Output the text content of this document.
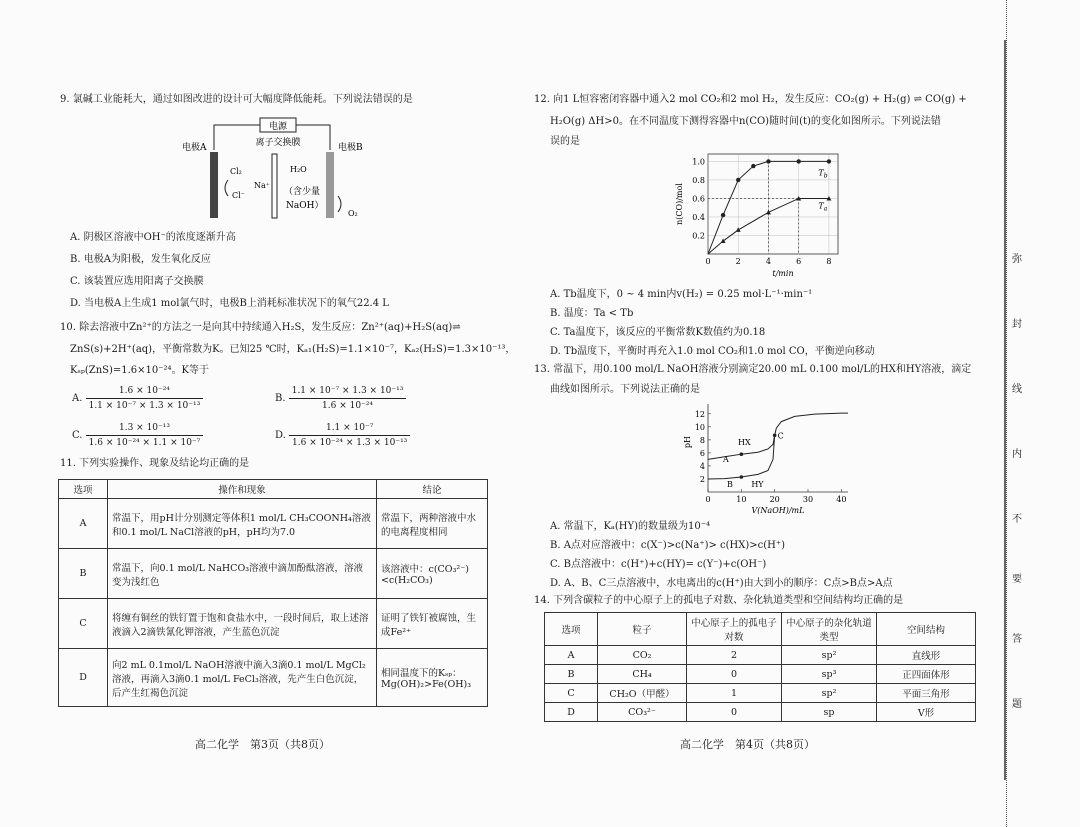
9. 氯碱工业能耗大，通过如图改进的设计可大幅度降低能耗。下列说法错误的是
电源
离子交换膜
电极A	电极B
Cl₂
Cl⁻
Na⁺
H₂O
（含少量
NaOH）
O₂
A. 阴极区溶液中OH⁻的浓度逐渐升高
B. 电极A为阳极，发生氧化反应
C. 该装置应选用阳离子交换膜
D. 当电极A上生成1 mol氯气时，电极B上消耗标准状况下的氧气22.4 L
10. 除去溶液中Zn²⁺的方法之一是向其中持续通入H₂S，发生反应：Zn²⁺(aq)+H₂S(aq)⇌
ZnS(s)+2H⁺(aq)，平衡常数为K。已知25 ℃时，Kₐ₁(H₂S)=1.1×10⁻⁷，Kₐ₂(H₂S)=1.3×10⁻¹³，
Kₛₚ(ZnS)=1.6×10⁻²⁴。K等于
A. $\frac{\text{1.6 × 10⁻²⁴}}{\text{1.1 × 10⁻⁷ × 1.3 × 10⁻¹³}}$	B. $\frac{\text{1.1 × 10⁻⁷ × 1.3 × 10⁻¹³}}{\text{1.6 × 10⁻²⁴}}$
C. $\frac{\text{1.3 × 10⁻¹³}}{\text{1.6 × 10⁻²⁴ × 1.1 × 10⁻⁷}}$	D. $\frac{\text{1.1 × 10⁻⁷}}{\text{1.6 × 10⁻²⁴ × 1.3 × 10⁻¹³}}$
11. 下列实验操作、现象及结论均正确的是
选项	操作和现象	结论
A	常温下，用pH计分别测定等体积1 mol/L CH₃COONH₄溶液和0.1 mol/L NaCl溶液的pH，pH均为7.0	常温下，两种溶液中水的电离程度相同
B	常温下，向0.1 mol/L NaHCO₃溶液中滴加酚酞溶液，溶液变为浅红色	该溶液中：c(CO₃²⁻)<c(H₂CO₃)
C	将缠有铜丝的铁钉置于饱和食盐水中，一段时间后，取上述溶液滴入2滴铁氰化钾溶液，产生蓝色沉淀	证明了铁钉被腐蚀，生成Fe²⁺
D	向2 mL 0.1mol/L NaOH溶液中滴入3滴0.1 mol/L MgCl₂溶液，再滴入3滴0.1 mol/L FeCl₃溶液，先产生白色沉淀，后产生红褐色沉淀	相同温度下的Kₛₚ：Mg(OH)₂>Fe(OH)₃
高二化学　第3页（共8页）
12. 向1 L恒容密闭容器中通入2 mol CO₂和2 mol H₂，发生反应：CO₂(g) + H₂(g) ⇌ CO(g) +
H₂O(g) ΔH>0。在不同温度下测得容器中n(CO)随时间(t)的变化如图所示。下列说法错
误的是
0.2
0.4
0.6
0.8
1.0
0	2	4	6	8
t/min
n(CO)/mol
$T_b$
$T_a$
A. Tb温度下，0 ~ 4 min内v(H₂) = 0.25 mol·L⁻¹·min⁻¹
B. 温度：Ta < Tb
C. Ta温度下，该反应的平衡常数K数值约为0.18
D. Tb温度下，平衡时再充入1.0 mol CO₂和1.0 mol CO，平衡逆向移动
13. 常温下，用0.100 mol/L NaOH溶液分别滴定20.00 mL 0.100 mol/L的HX和HY溶液，滴定
曲线如图所示。下列说法正确的是
2
4
6
8
10
12
0	10	20	30	40
V(NaOH)/mL
pH
A
B
C
HX
HY
A. 常温下，Kₐ(HY)的数量级为10⁻⁴
B. A点对应溶液中：c(X⁻)>c(Na⁺)> c(HX)>c(H⁺)
C. B点溶液中：c(H⁺)+c(HY)= c(Y⁻)+c(OH⁻)
D. A、B、C三点溶液中，水电离出的c(H⁺)由大到小的顺序：C点>B点>A点
14. 下列含碳粒子的中心原子上的孤电子对数、杂化轨道类型和空间结构均正确的是
选项	粒子	中心原子上的孤电子对数	中心原子的杂化轨道类型	空间结构
A	CO₂	2	sp²	直线形
B	CH₄	0	sp³	正四面体形
C	CH₂O（甲醛）	1	sp²	平面三角形
D	CO₃²⁻	0	sp	V形
高二化学　第4页（共8页）
弥
封
线
内
不
要
答
题
